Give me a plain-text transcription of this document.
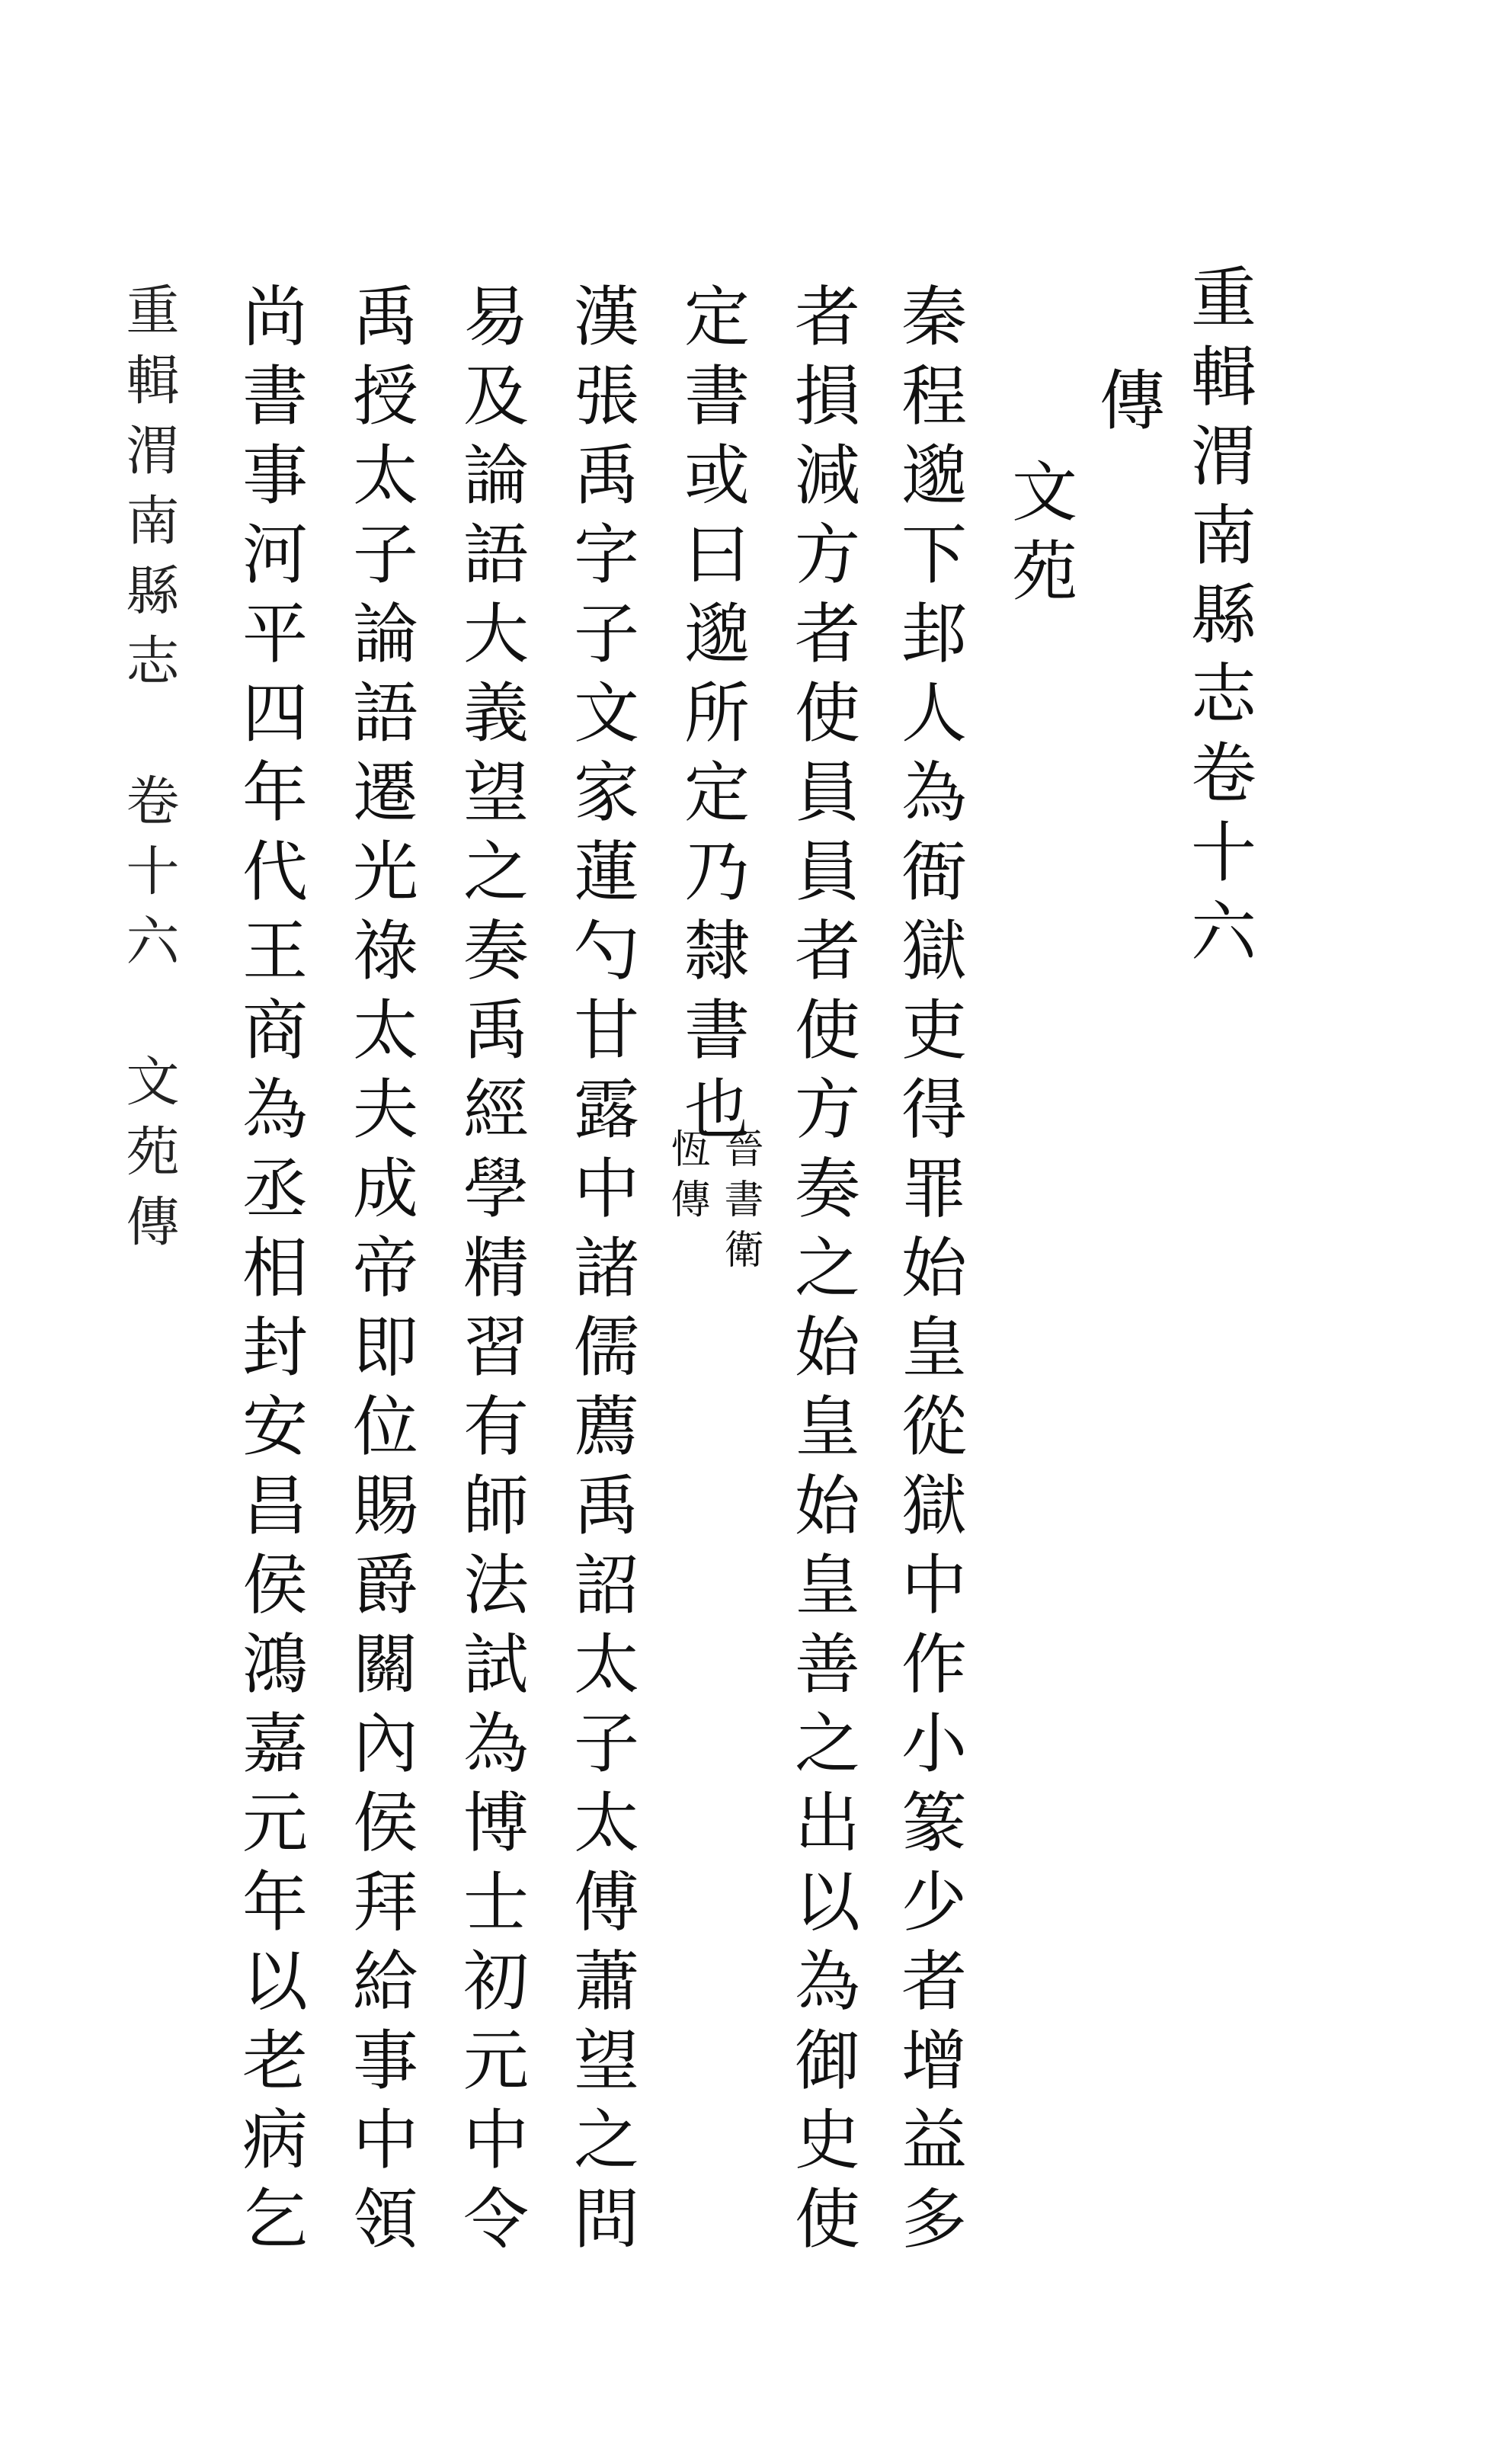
重輯渭南縣志卷十六
傳
文苑
秦程邈下邽人為衙獄吏得罪始皇從獄中作小篆少者增益多
者損減方者使員員者使方奏之始皇始皇善之出以為御史使
定書或曰邈所定乃隸書也
晉書衛
恆傳
漢張禹字子文家蓮勺甘露中諸儒薦禹詔太子太傅蕭望之問
易及論語大義望之奏禹經學精習有師法試為博士初元中令
禹授太子論語遷光祿太夫成帝即位賜爵關內侯拜給事中領
尚書事河平四年代王商為丞相封安昌侯鴻嘉元年以老病乞
重輯渭南縣志　卷十六　文苑傳
